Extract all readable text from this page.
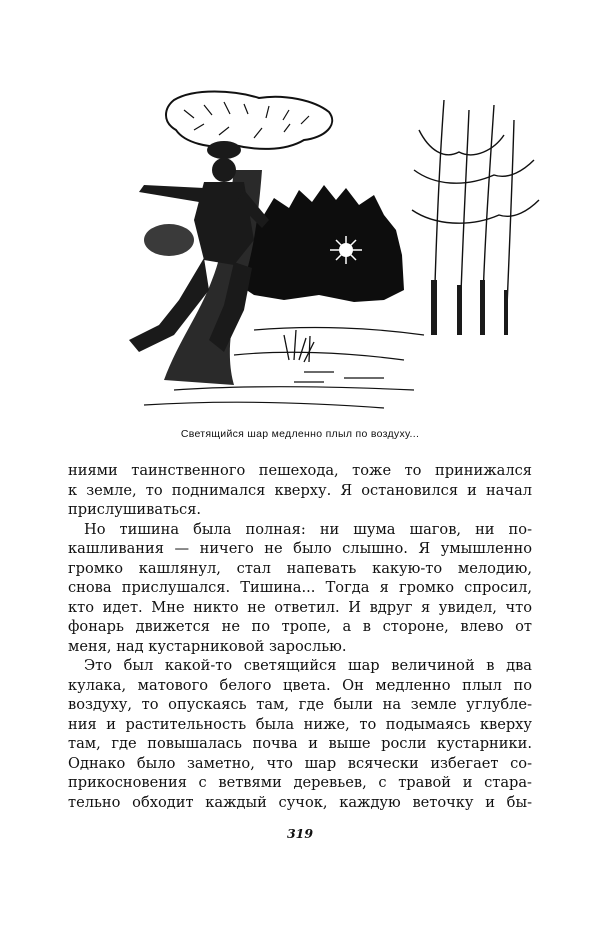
Светящийся шар медленно плыл по воздуху...
ниями таинственного пешехода, тоже то принижался
к земле, то поднимался кверху. Я остановился и начал
прислушиваться.
Но тишина была полная: ни шума шагов, ни по-
кашливания — ничего не было слышно. Я умышленно
громко кашлянул, стал напевать какую-то мелодию,
снова прислушался. Тишина... Тогда я громко спросил,
кто идет. Мне никто не ответил. И вдруг я увидел, что
фонарь движется не по тропе, а в стороне, влево от
меня, над кустарниковой зарослью.
Это был какой-то светящийся шар величиной в два
кулака, матового белого цвета. Он медленно плыл по
воздуху, то опускаясь там, где были на земле углубле-
ния и растительность была ниже, то подымаясь кверху
там, где повышалась почва и выше росли кустарники.
Однако было заметно, что шар всячески избегает со-
прикосновения с ветвями деревьев, с травой и стара-
тельно обходит каждый сучок, каждую веточку и бы-
319
